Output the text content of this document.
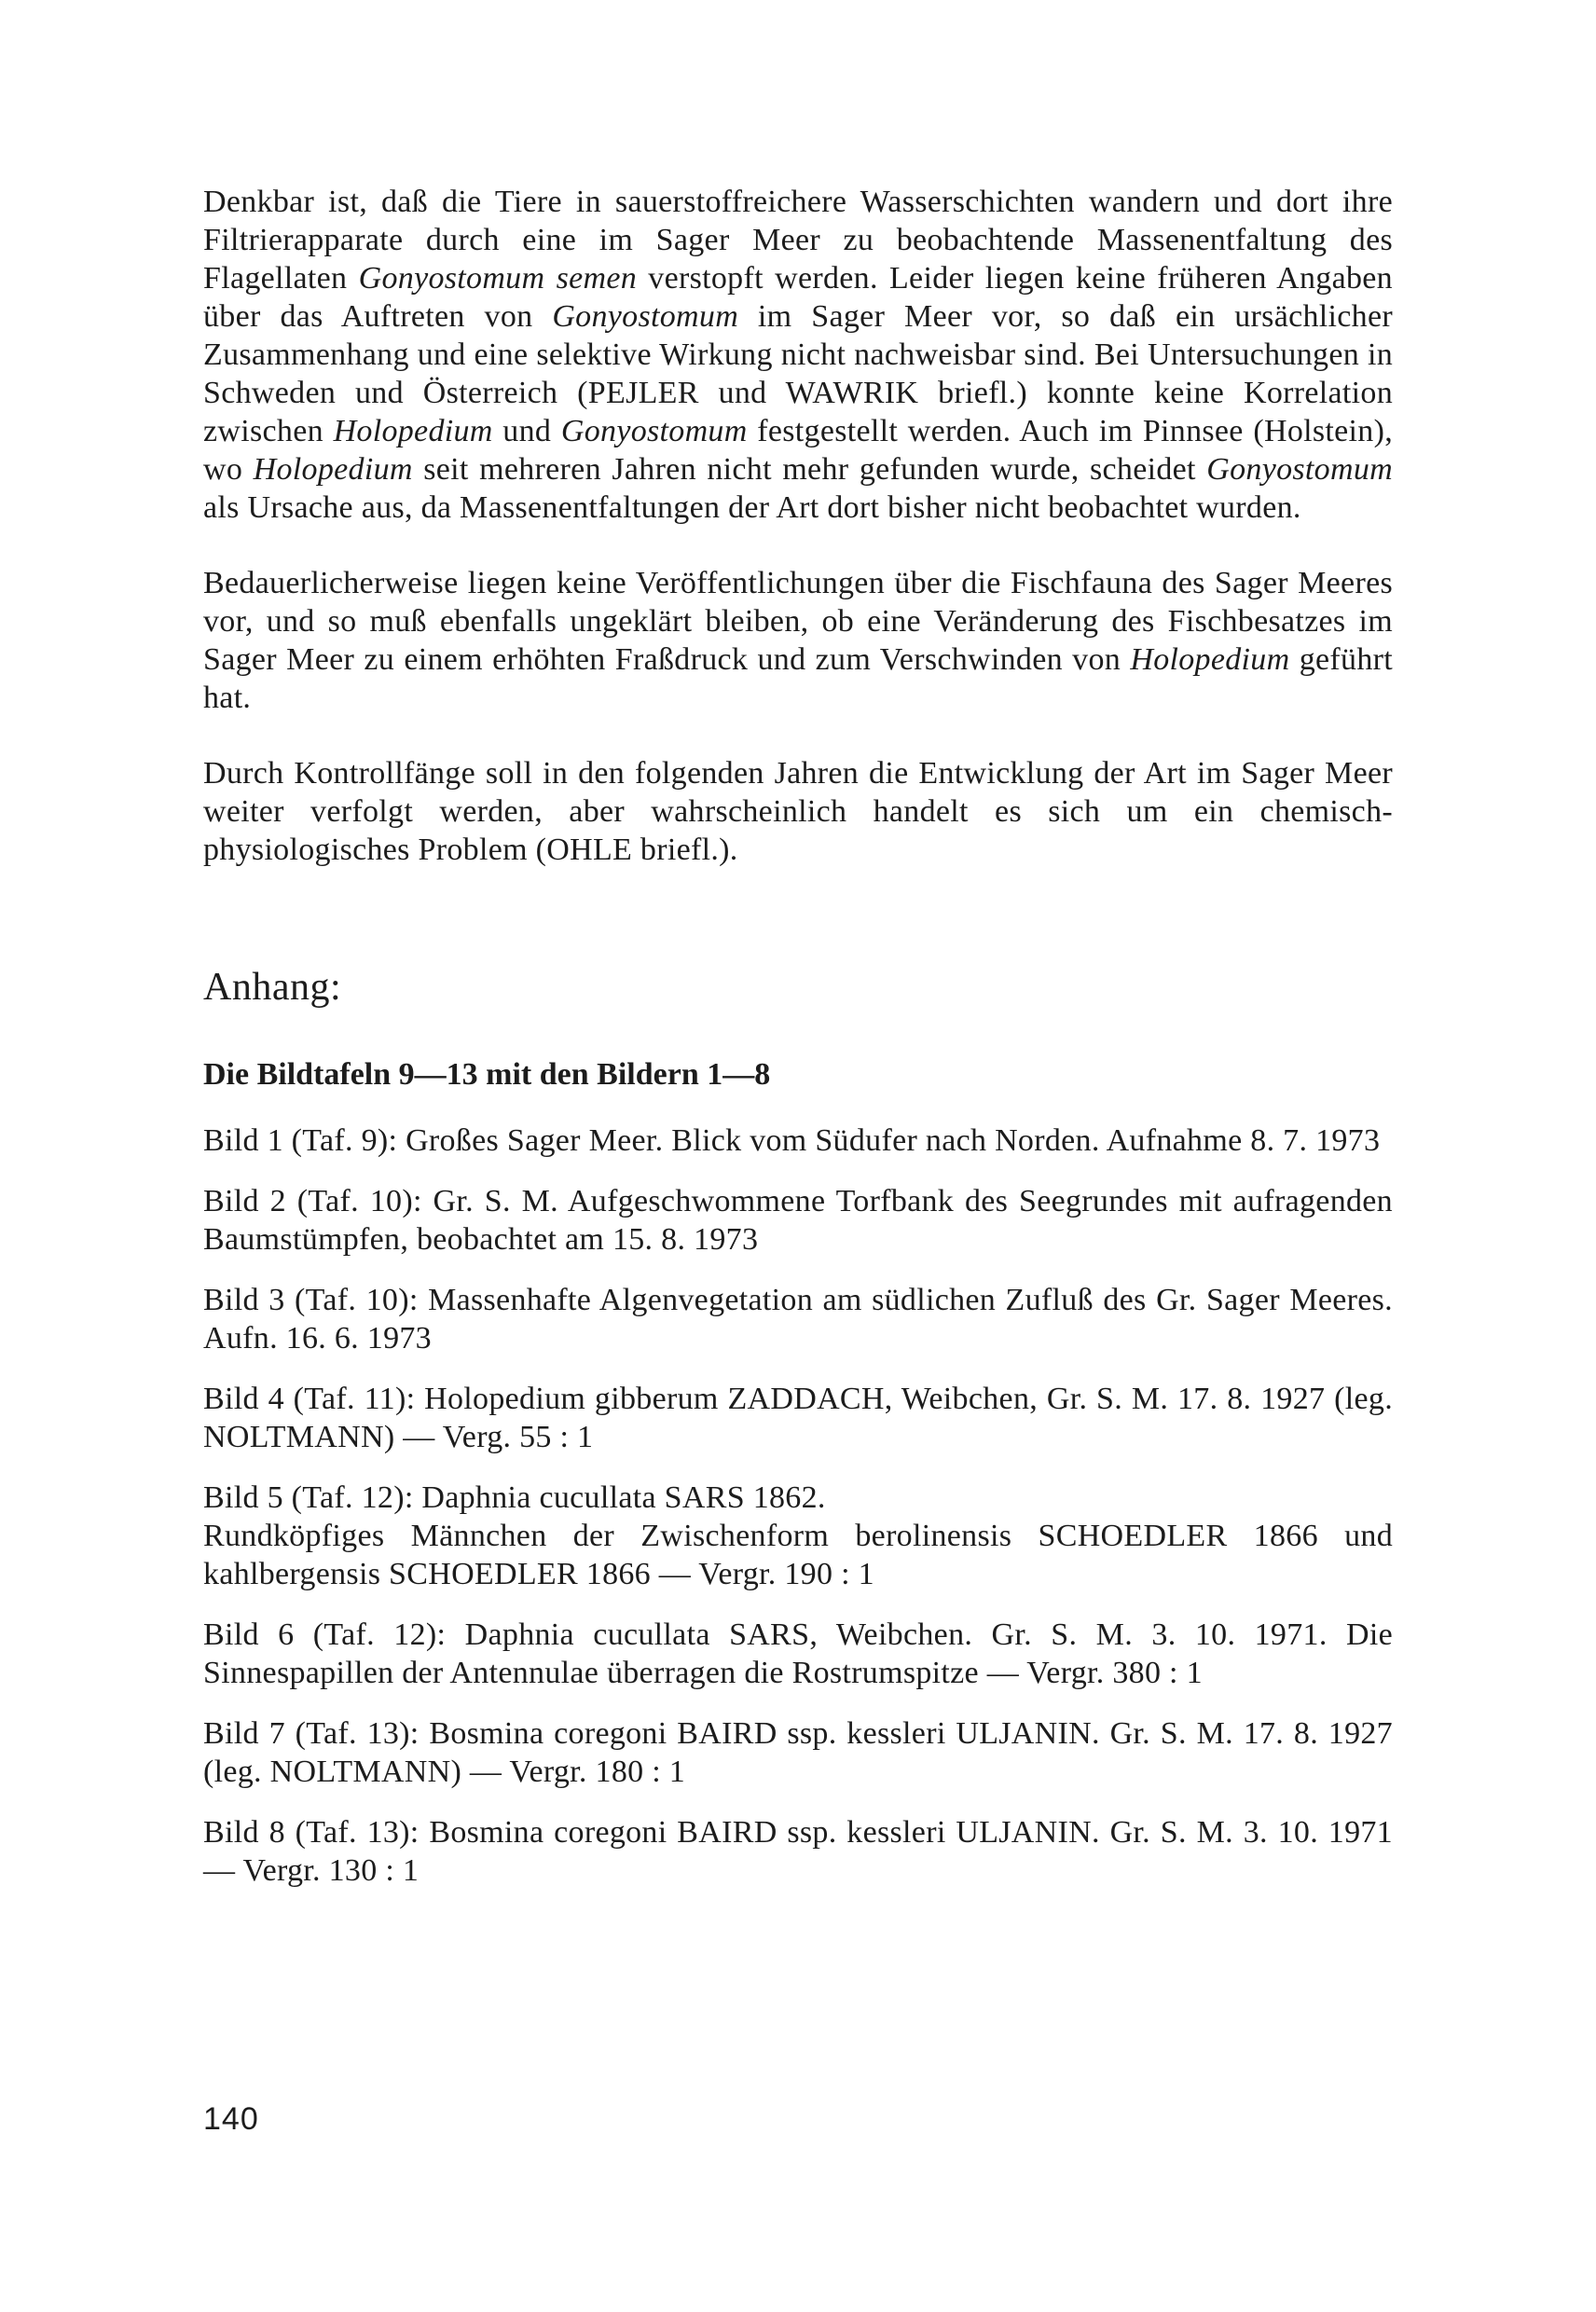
Denkbar ist, daß die Tiere in sauerstoffreichere Wasserschichten wandern und dort ihre Filtrierapparate durch eine im Sager Meer zu beobachtende Massenentfaltung des Flagellaten Gonyostomum semen verstopft werden. Leider liegen keine früheren Angaben über das Auftreten von Gonyostomum im Sager Meer vor, so daß ein ursächlicher Zusammenhang und eine selektive Wirkung nicht nachweisbar sind. Bei Untersuchungen in Schweden und Österreich (PEJLER und WAWRIK briefl.) konnte keine Korrelation zwischen Holopedium und Gonyostomum festgestellt werden. Auch im Pinnsee (Holstein), wo Holopedium seit mehreren Jahren nicht mehr gefunden wurde, scheidet Gonyostomum als Ursache aus, da Massenentfaltungen der Art dort bisher nicht beobachtet wurden.

Bedauerlicherweise liegen keine Veröffentlichungen über die Fischfauna des Sager Meeres vor, und so muß ebenfalls ungeklärt bleiben, ob eine Veränderung des Fischbesatzes im Sager Meer zu einem erhöhten Fraßdruck und zum Verschwinden von Holopedium geführt hat.

Durch Kontrollfänge soll in den folgenden Jahren die Entwicklung der Art im Sager Meer weiter verfolgt werden, aber wahrscheinlich handelt es sich um ein chemisch-physiologisches Problem (OHLE briefl.).

Anhang:
Die Bildtafeln 9—13 mit den Bildern 1—8

Bild 1 (Taf. 9): Großes Sager Meer. Blick vom Südufer nach Norden. Aufnahme 8. 7. 1973

Bild 2 (Taf. 10): Gr. S. M. Aufgeschwommene Torfbank des Seegrundes mit aufragenden Baumstümpfen, beobachtet am 15. 8. 1973

Bild 3 (Taf. 10): Massenhafte Algenvegetation am südlichen Zufluß des Gr. Sager Meeres. Aufn. 16. 6. 1973

Bild 4 (Taf. 11): Holopedium gibberum ZADDACH, Weibchen, Gr. S. M. 17. 8. 1927 (leg. NOLTMANN) — Verg. 55 : 1

Bild 5 (Taf. 12): Daphnia cucullata SARS 1862.
Rundköpfiges Männchen der Zwischenform berolinensis SCHOEDLER 1866 und kahlbergensis SCHOEDLER 1866 — Vergr. 190 : 1

Bild 6 (Taf. 12): Daphnia cucullata SARS, Weibchen. Gr. S. M. 3. 10. 1971. Die Sinnespapillen der Antennulae überragen die Rostrumspitze — Vergr. 380 : 1

Bild 7 (Taf. 13): Bosmina coregoni BAIRD ssp. kessleri ULJANIN. Gr. S. M. 17. 8. 1927 (leg. NOLTMANN) — Vergr. 180 : 1

Bild 8 (Taf. 13): Bosmina coregoni BAIRD ssp. kessleri ULJANIN. Gr. S. M. 3. 10. 1971 — Vergr. 130 : 1

140
